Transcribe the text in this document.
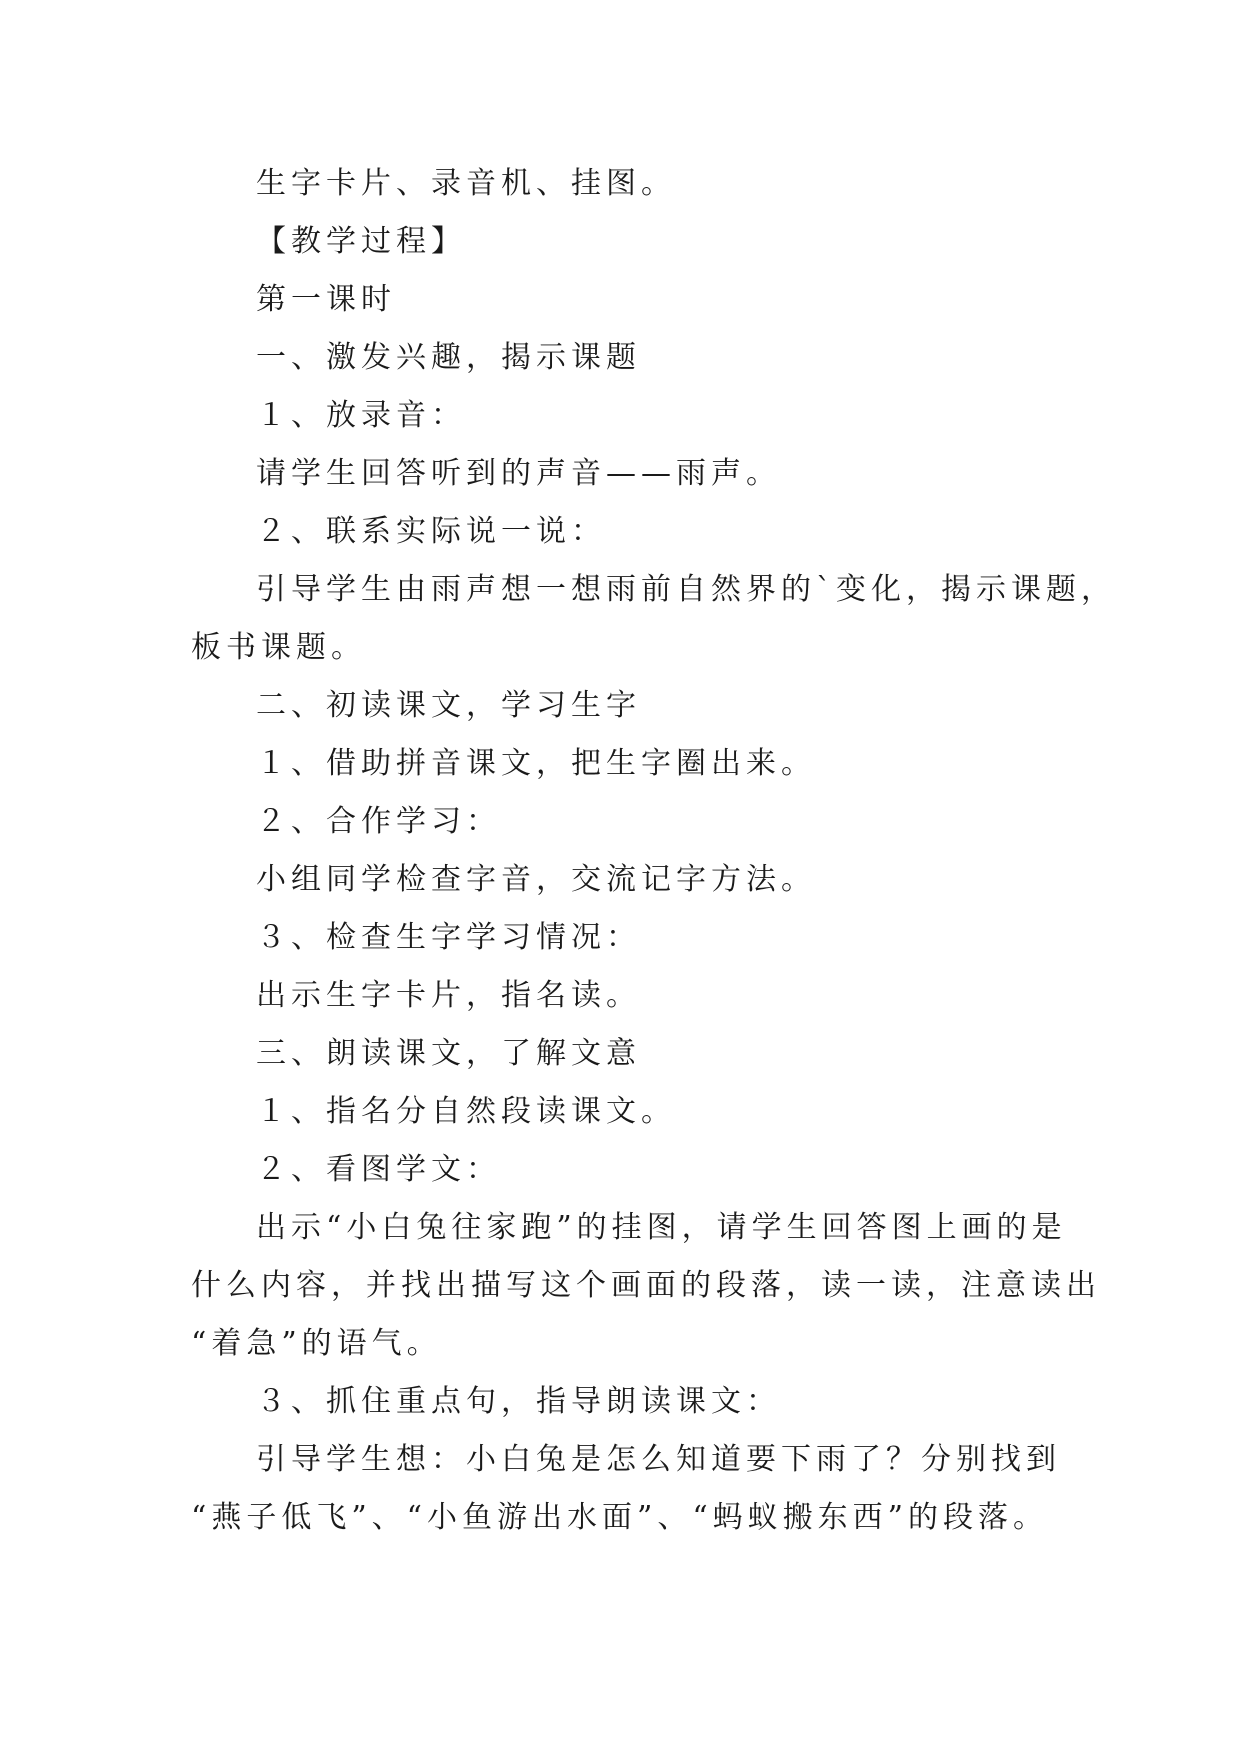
生字卡片、录音机、挂图。
【教学过程】
第一课时
一、激发兴趣，揭示课题
１、放录音：
请学生回答听到的声音——雨声。
２、联系实际说一说：
引导学生由雨声想一想雨前自然界的`变化，揭示课题，
板书课题。
二、初读课文，学习生字
１、借助拼音课文，把生字圈出来。
２、合作学习：
小组同学检查字音，交流记字方法。
３、检查生字学习情况：
出示生字卡片，指名读。
三、朗读课文，了解文意
１、指名分自然段读课文。
２、看图学文：
出示“小白兔往家跑”的挂图，请学生回答图上画的是
什么内容，并找出描写这个画面的段落，读一读，注意读出
“着急”的语气。
３、抓住重点句，指导朗读课文：
引导学生想：小白兔是怎么知道要下雨了？分别找到
“燕子低飞”、“小鱼游出水面”、“蚂蚁搬东西”的段落。
